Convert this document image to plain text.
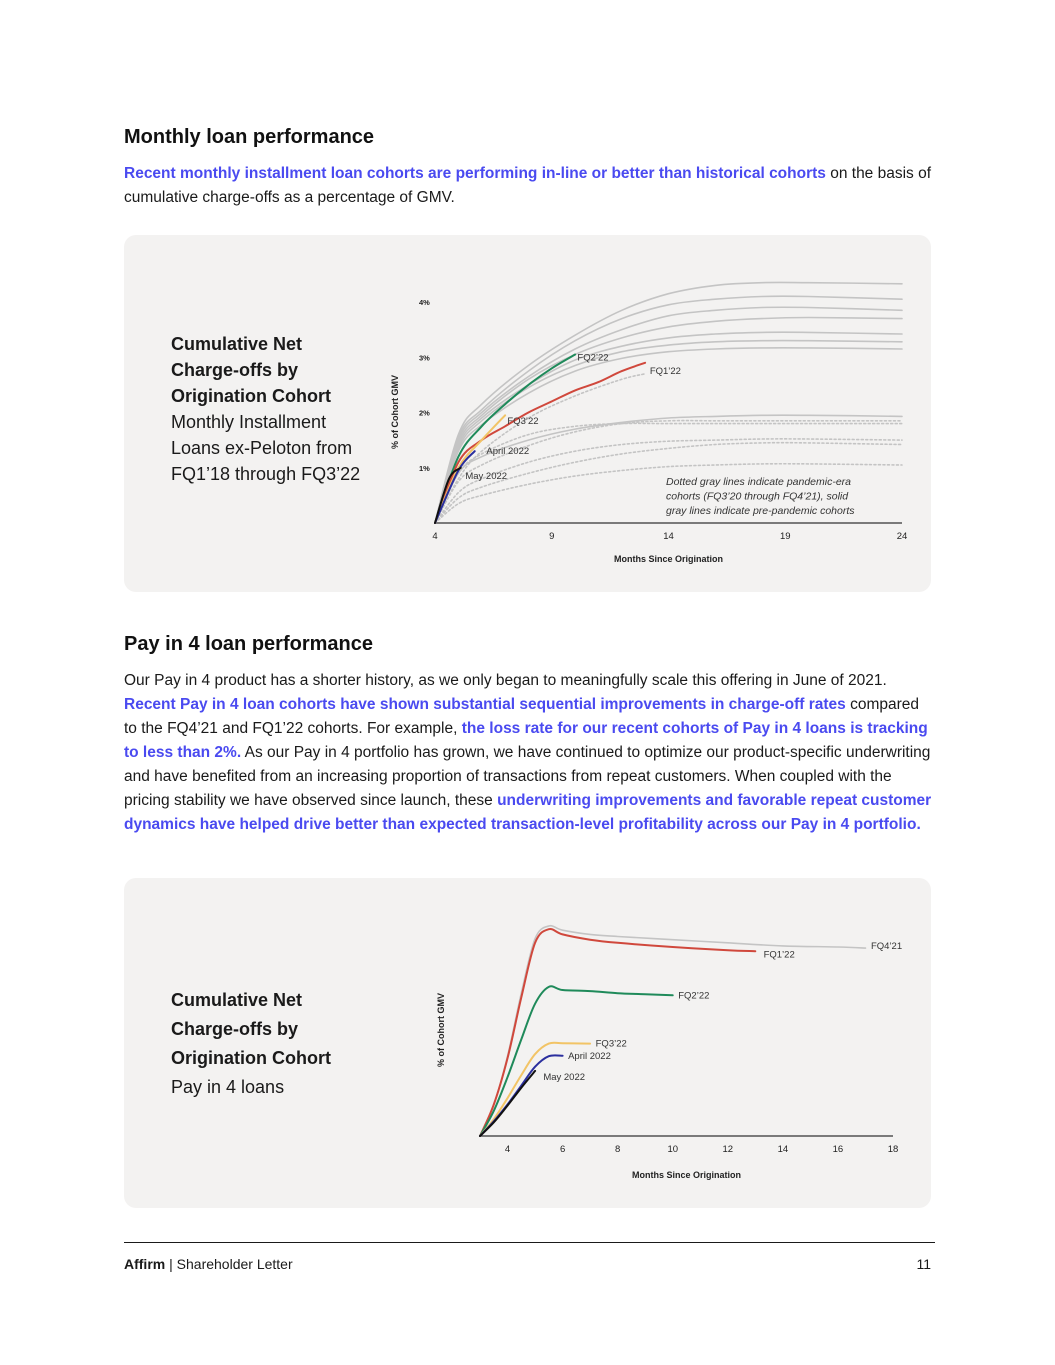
Monthly loan performance

Recent monthly installment loan cohorts are performing in-line or better than historical cohorts on the basis of cumulative charge-offs as a percentage of GMV.

Cumulative Net
Charge-offs by
Origination Cohort
Monthly Installment
Loans ex-Peloton from
FQ1’18 through FQ3’22
4	9	14	19	24
1%
2%
3%
4%
Months Since Origination
% of Cohort GMV
FQ2’22
FQ1’22
FQ3’22
April 2022
May 2022	Dotted gray lines indicate pandemic-era
cohorts (FQ3’20 through FQ4’21), solid
gray lines indicate pre-pandemic cohorts
Pay in 4 loan performance

Our Pay in 4 product has a shorter history, as we only began to meaningfully scale this offering in June of 2021. Recent Pay in 4 loan cohorts have shown substantial sequential improvements in charge-off rates compared to the FQ4’21 and FQ1’22 cohorts. For example, the loss rate for our recent cohorts of Pay in 4 loans is tracking to less than 2%. As our Pay in 4 portfolio has grown, we have continued to optimize our product-specific underwriting and have benefited from an increasing proportion of transactions from repeat customers. When coupled with the pricing stability we have observed since launch, these underwriting improvements and favorable repeat customer dynamics have helped drive better than expected transaction-level profitability across our Pay in 4 portfolio.

Cumulative Net
Charge-offs by
Origination Cohort
Pay in 4 loans
4	6	8	10	12	14	16	18
Months Since Origination
% of Cohort GMV
FQ4’21
FQ1’22
FQ2’22
FQ3’22
April 2022
May 2022
Affirm | Shareholder Letter	11
